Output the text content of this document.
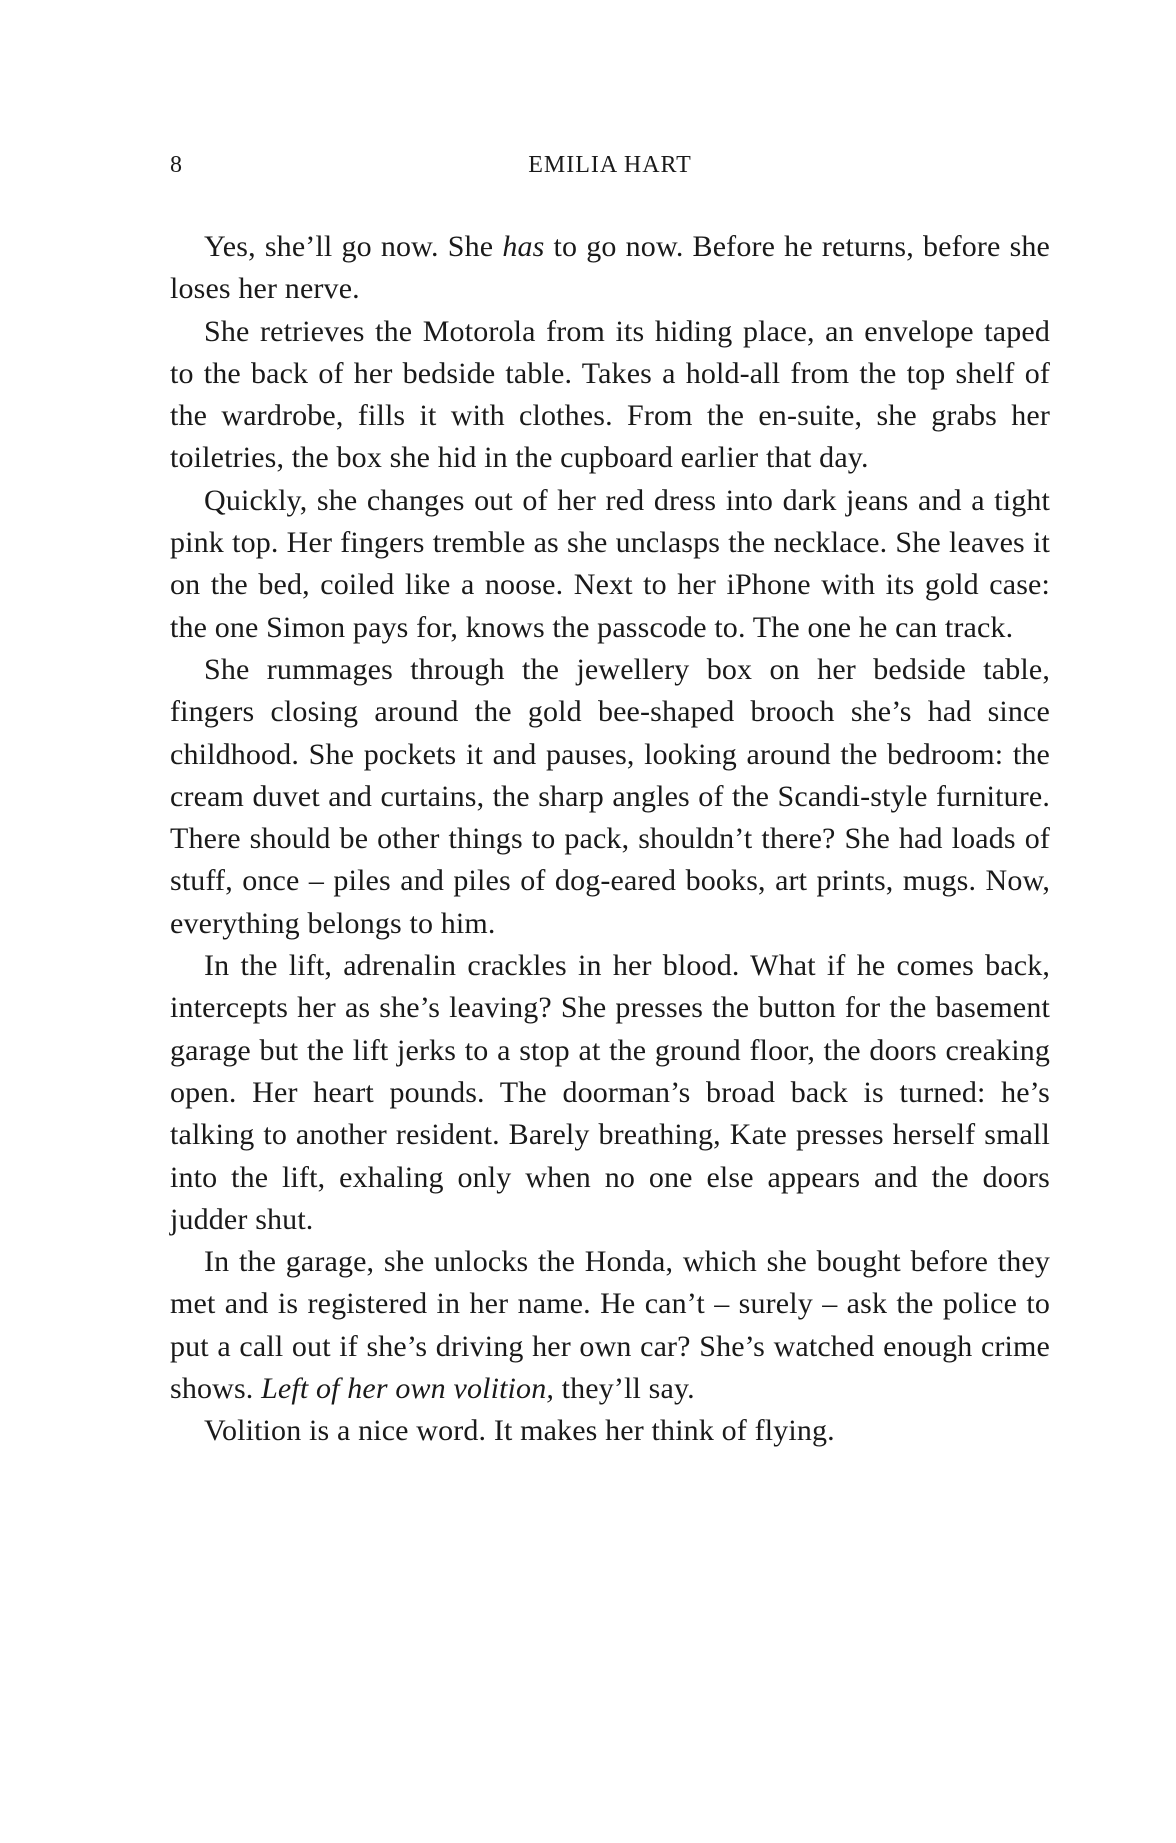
8	EMILIA HART

Yes, she’ll go now. She has to go now. Before he returns, before she loses her nerve.

She retrieves the Motorola from its hiding place, an envelope taped to the back of her bedside table. Takes a hold-all from the top shelf of the wardrobe, fills it with clothes. From the en-suite, she grabs her toiletries, the box she hid in the cupboard earlier that day.

Quickly, she changes out of her red dress into dark jeans and a tight pink top. Her fingers tremble as she unclasps the necklace. She leaves it on the bed, coiled like a noose. Next to her iPhone with its gold case: the one Simon pays for, knows the passcode to. The one he can track.

She rummages through the jewellery box on her bedside table, fingers closing around the gold bee-shaped brooch she’s had since childhood. She pockets it and pauses, looking around the bedroom: the cream duvet and curtains, the sharp angles of the Scandi-style furniture. There should be other things to pack, shouldn’t there? She had loads of stuff, once – piles and piles of dog-eared books, art prints, mugs. Now, everything belongs to him.

In the lift, adrenalin crackles in her blood. What if he comes back, intercepts her as she’s leaving? She presses the button for the basement garage but the lift jerks to a stop at the ground floor, the doors creaking open. Her heart pounds. The doorman’s broad back is turned: he’s talking to another resident. Barely breathing, Kate presses herself small into the lift, exhaling only when no one else appears and the doors judder shut.

In the garage, she unlocks the Honda, which she bought before they met and is registered in her name. He can’t – surely – ask the police to put a call out if she’s driving her own car? She’s watched enough crime shows. Left of her own volition, they’ll say.

Volition is a nice word. It makes her think of flying.
